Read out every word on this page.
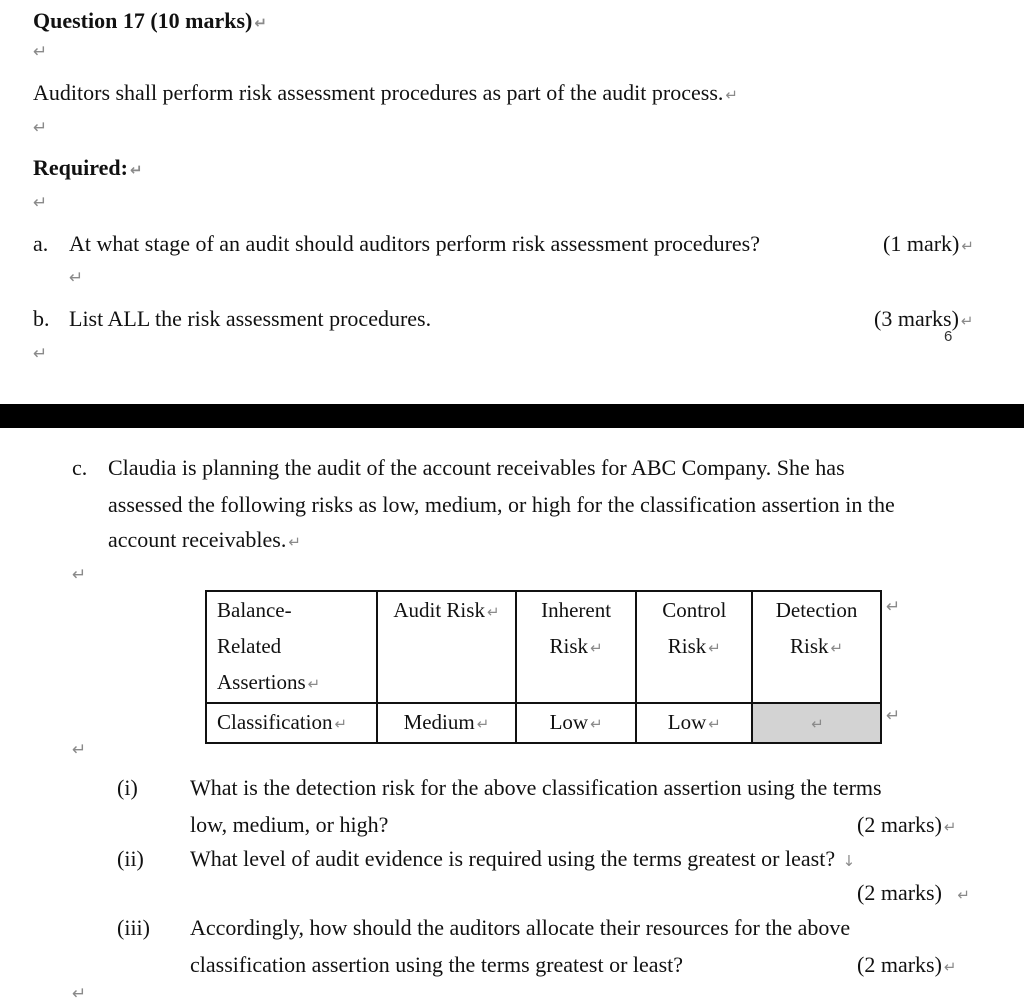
Question 17 (10 marks) ↵
↵
Auditors shall perform risk assessment procedures as part of the audit process. ↵
↵
Required: ↵
↵
a. At what stage of an audit should auditors perform risk assessment procedures?	(1 mark) ↵
↵
b. List ALL the risk assessment procedures.	(3 marks) ↵
6
↵
c. Claudia is planning the audit of the account receivables for ABC Company. She has
assessed the following risks as low, medium, or high for the classification assertion in the
account receivables. ↵
↵
Balance-
Related
Assertions ↵	Audit Risk ↵	Inherent
Risk ↵	Control
Risk ↵	Detection
Risk ↵

Classification ↵	Medium ↵	Low ↵	Low ↵	↵
↵
↵
↵
(i) What is the detection risk for the above classification assertion using the terms
low, medium, or high?	(2 marks) ↵
(ii) What level of audit evidence is required using the terms greatest or least? ↓
(2 marks) ↵
(iii) Accordingly, how should the auditors allocate their resources for the above
classification assertion using the terms greatest or least?	(2 marks) ↵
↵
